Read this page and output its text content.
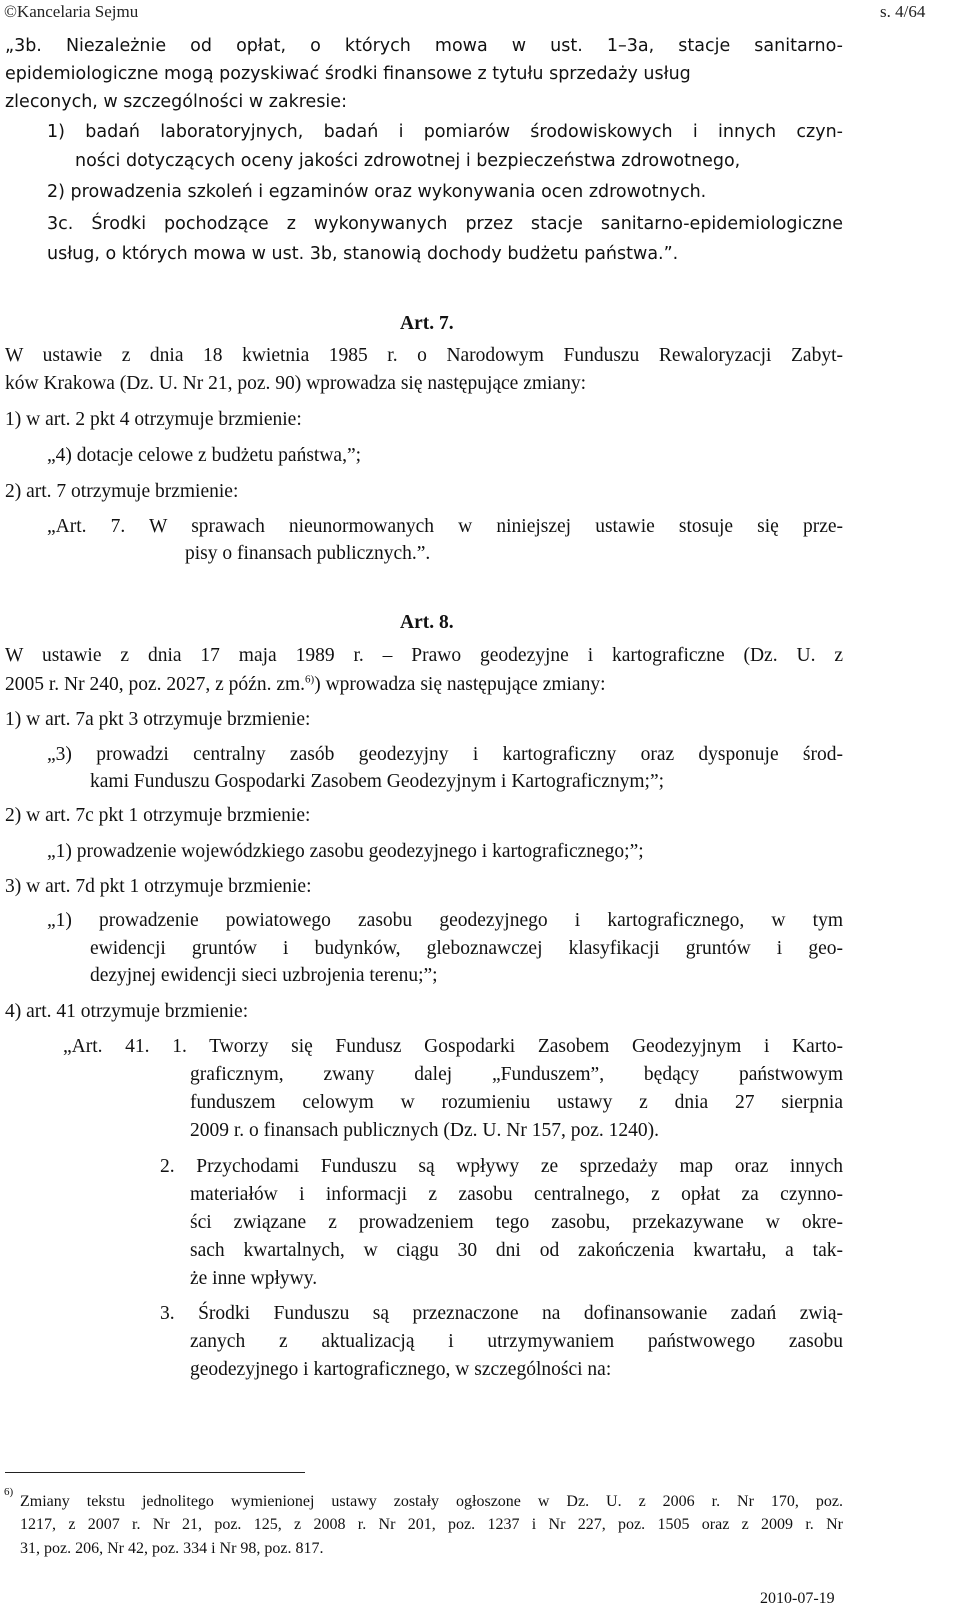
©Kancelaria Sejmu	s. 4/64
„3b. Niezależnie od opłat, o których mowa w ust. 1–3a, stacje sanitarno-
epidemiologiczne mogą pozyskiwać środki finansowe z tytułu sprzedaży usług
zleconych, w szczególności w zakresie:
1) badań laboratoryjnych, badań i pomiarów środowiskowych i innych czyn-
ności dotyczących oceny jakości zdrowotnej i bezpieczeństwa zdrowotnego,
2) prowadzenia szkoleń i egzaminów oraz wykonywania ocen zdrowotnych.
3c. Środki pochodzące z wykonywanych przez stacje sanitarno-epidemiologiczne
usług, o których mowa w ust. 3b, stanowią dochody budżetu państwa.”.
Art. 7.
W ustawie z dnia 18 kwietnia 1985 r. o Narodowym Funduszu Rewaloryzacji Zabyt-
ków Krakowa (Dz. U. Nr 21, poz. 90) wprowadza się następujące zmiany:
1) w art. 2 pkt 4 otrzymuje brzmienie:
„4) dotacje celowe z budżetu państwa,”;
2) art. 7 otrzymuje brzmienie:
„Art. 7. W sprawach nieunormowanych w niniejszej ustawie stosuje się prze-
pisy o finansach publicznych.”.
Art. 8.
W ustawie z dnia 17 maja 1989 r. – Prawo geodezyjne i kartograficzne (Dz. U. z
2005 r. Nr 240, poz. 2027, z późn. zm.$^{6)}$) wprowadza się następujące zmiany:
1) w art. 7a pkt 3 otrzymuje brzmienie:
„3) prowadzi centralny zasób geodezyjny i kartograficzny oraz dysponuje środ-
kami Funduszu Gospodarki Zasobem Geodezyjnym i Kartograficznym;”;
2) w art. 7c pkt 1 otrzymuje brzmienie:
„1) prowadzenie wojewódzkiego zasobu geodezyjnego i kartograficznego;”;
3) w art. 7d pkt 1 otrzymuje brzmienie:
„1) prowadzenie powiatowego zasobu geodezyjnego i kartograficznego, w tym
ewidencji gruntów i budynków, gleboznawczej klasyfikacji gruntów i geo-
dezyjnej ewidencji sieci uzbrojenia terenu;”;
4) art. 41 otrzymuje brzmienie:
„Art. 41. 1. Tworzy się Fundusz Gospodarki Zasobem Geodezyjnym i Karto-
graficznym, zwany dalej „Funduszem”, będący państwowym
funduszem celowym w rozumieniu ustawy z dnia 27 sierpnia
2009 r. o finansach publicznych (Dz. U. Nr 157, poz. 1240).
2. Przychodami Funduszu są wpływy ze sprzedaży map oraz innych
materiałów i informacji z zasobu centralnego, z opłat za czynno-
ści związane z prowadzeniem tego zasobu, przekazywane w okre-
sach kwartalnych, w ciągu 30 dni od zakończenia kwartału, a tak-
że inne wpływy.
3. Środki Funduszu są przeznaczone na dofinansowanie zadań zwią-
zanych z aktualizacją i utrzymywaniem państwowego zasobu
geodezyjnego i kartograficznego, w szczególności na:
6)
Zmiany tekstu jednolitego wymienionej ustawy zostały ogłoszone w Dz. U. z 2006 r. Nr 170, poz.
1217, z 2007 r. Nr 21, poz. 125, z 2008 r. Nr 201, poz. 1237 i Nr 227, poz. 1505 oraz z 2009 r. Nr
31, poz. 206, Nr 42, poz. 334 i Nr 98, poz. 817.
2010-07-19
